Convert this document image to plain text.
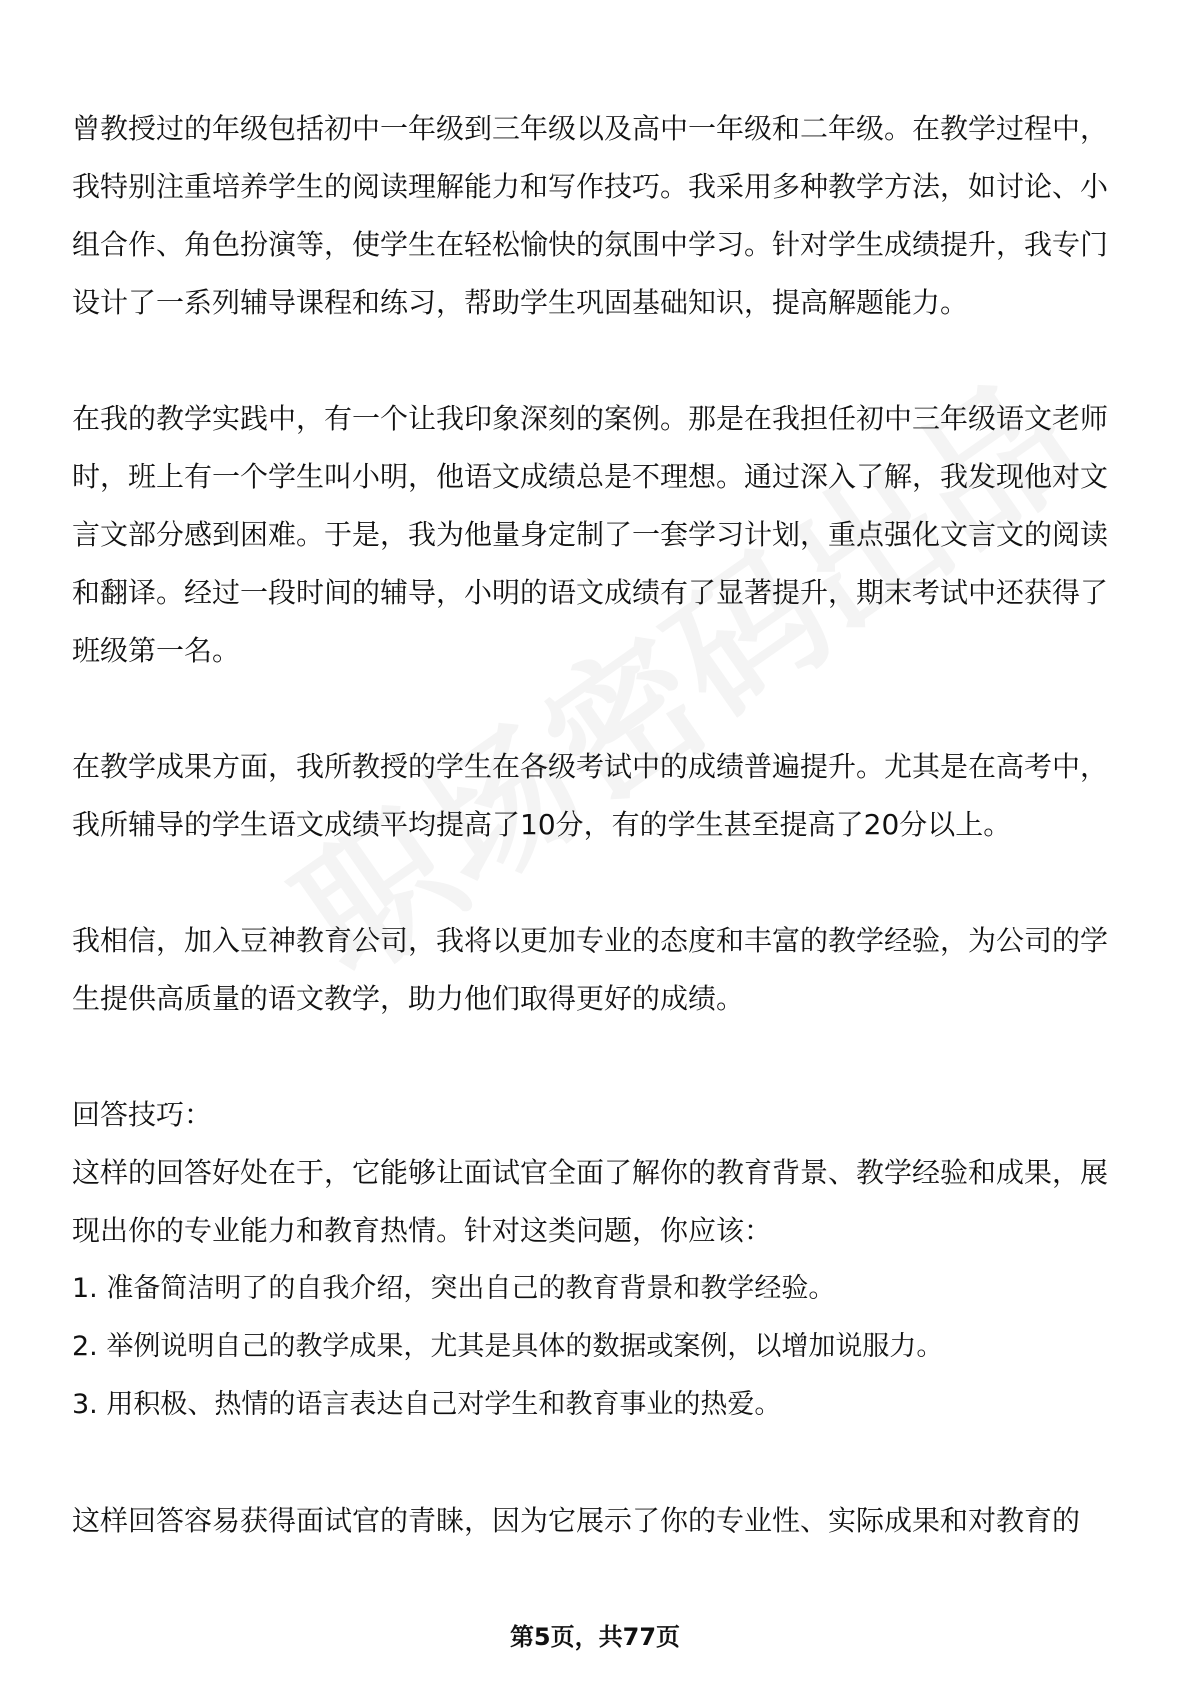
曾教授过的年级包括初中一年级到三年级以及高中一年级和二年级。在教学过程中，我特别注重培养学生的阅读理解能力和写作技巧。我采用多种教学方法，如讨论、小组合作、角色扮演等，使学生在轻松愉快的氛围中学习。针对学生成绩提升，我专门设计了一系列辅导课程和练习，帮助学生巩固基础知识，提高解题能力。

在我的教学实践中，有一个让我印象深刻的案例。那是在我担任初中三年级语文老师时，班上有一个学生叫小明，他语文成绩总是不理想。通过深入了解，我发现他对文言文部分感到困难。于是，我为他量身定制了一套学习计划，重点强化文言文的阅读和翻译。经过一段时间的辅导，小明的语文成绩有了显著提升，期末考试中还获得了班级第一名。

在教学成果方面，我所教授的学生在各级考试中的成绩普遍提升。尤其是在高考中，我所辅导的学生语文成绩平均提高了10分，有的学生甚至提高了20分以上。

我相信，加入豆神教育公司，我将以更加专业的态度和丰富的教学经验，为公司的学生提供高质量的语文教学，助力他们取得更好的成绩。

回答技巧：

这样的回答好处在于，它能够让面试官全面了解你的教育背景、教学经验和成果，展现出你的专业能力和教育热情。针对这类问题，你应该：

1. 准备简洁明了的自我介绍，突出自己的教育背景和教学经验。

2. 举例说明自己的教学成果，尤其是具体的数据或案例，以增加说服力。

3. 用积极、热情的语言表达自己对学生和教育事业的热爱。

这样回答容易获得面试官的青睐，因为它展示了你的专业性、实际成果和对教育的

第5页，共77页
